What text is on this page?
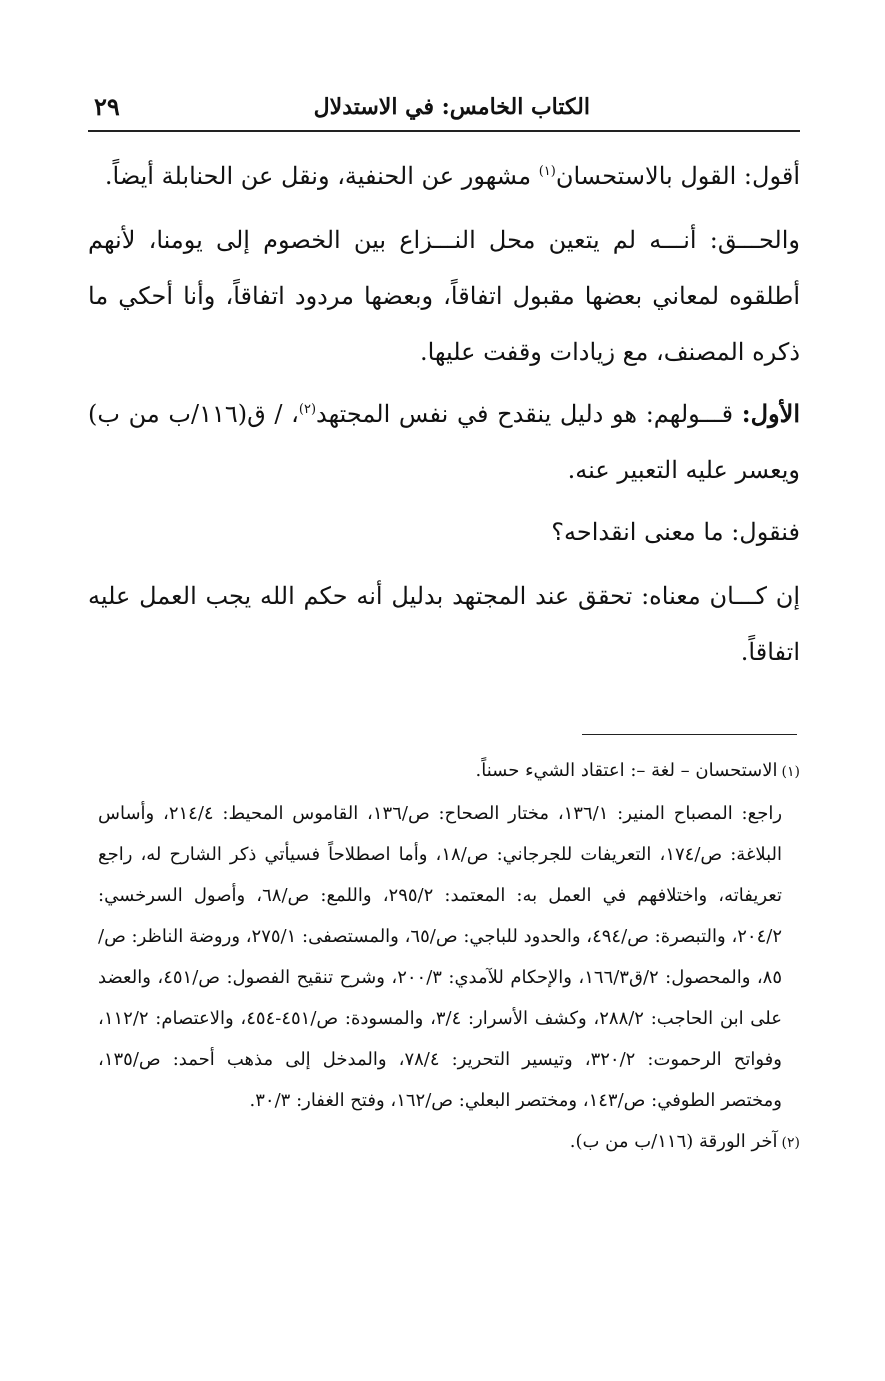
الكتاب الخامس: في الاستدلال
٢٩

أقول: القول بالاستحسان$^{(١)}$ مشهور عن الحنفية، ونقل عن الحنابلة أيضاً.

والحـــق: أنـــه لم يتعين محل النـــزاع بين الخصوم إلى يومنا، لأنهم أطلقوه لمعاني بعضها مقبول اتفاقاً، وبعضها مردود اتفاقاً، وأنا أحكي ما ذكره المصنف، مع زيادات وقفت عليها.

الأول: قـــولهم: هو دليل ينقدح في نفس المجتهد$^{(٢)}$، / ق(١١٦/ب من ب) ويعسر عليه التعبير عنه.

فنقول: ما معنى انقداحه؟

إن كـــان معناه: تحقق عند المجتهد بدليل أنه حكم الله يجب العمل عليه اتفاقاً.

(١)الاستحسان – لغة –: اعتقاد الشيء حسناً.

راجع: المصباح المنير: ١٣٦/١، مختار الصحاح: ص/١٣٦، القاموس المحيط: ٢١٤/٤، وأساس البلاغة: ص/١٧٤، التعريفات للجرجاني: ص/١٨، وأما اصطلاحاً فسيأتي ذكر الشارح له، راجع تعريفاته، واختلافهم في العمل به: المعتمد: ٢٩٥/٢، واللمع: ص/٦٨، وأصول السرخسي: ٢٠٤/٢، والتبصرة: ص/٤٩٤، والحدود للباجي: ص/٦٥، والمستصفى: ٢٧٥/١، وروضة الناظر: ص/٨٥، والمحصول: ٢/ق١٦٦/٣، والإحكام للآمدي: ٢٠٠/٣، وشرح تنقيح الفصول: ص/٤٥١، والعضد على ابن الحاجب: ٢٨٨/٢، وكشف الأسرار: ٣/٤، والمسودة: ص/٤٥١-٤٥٤، والاعتصام: ١١٢/٢، وفواتح الرحموت: ٣٢٠/٢، وتيسير التحرير: ٧٨/٤، والمدخل إلى مذهب أحمد: ص/١٣٥، ومختصر الطوفي: ص/١٤٣، ومختصر البعلي: ص/١٦٢، وفتح الغفار: ٣٠/٣.

(٢)آخر الورقة (١١٦/ب من ب).
